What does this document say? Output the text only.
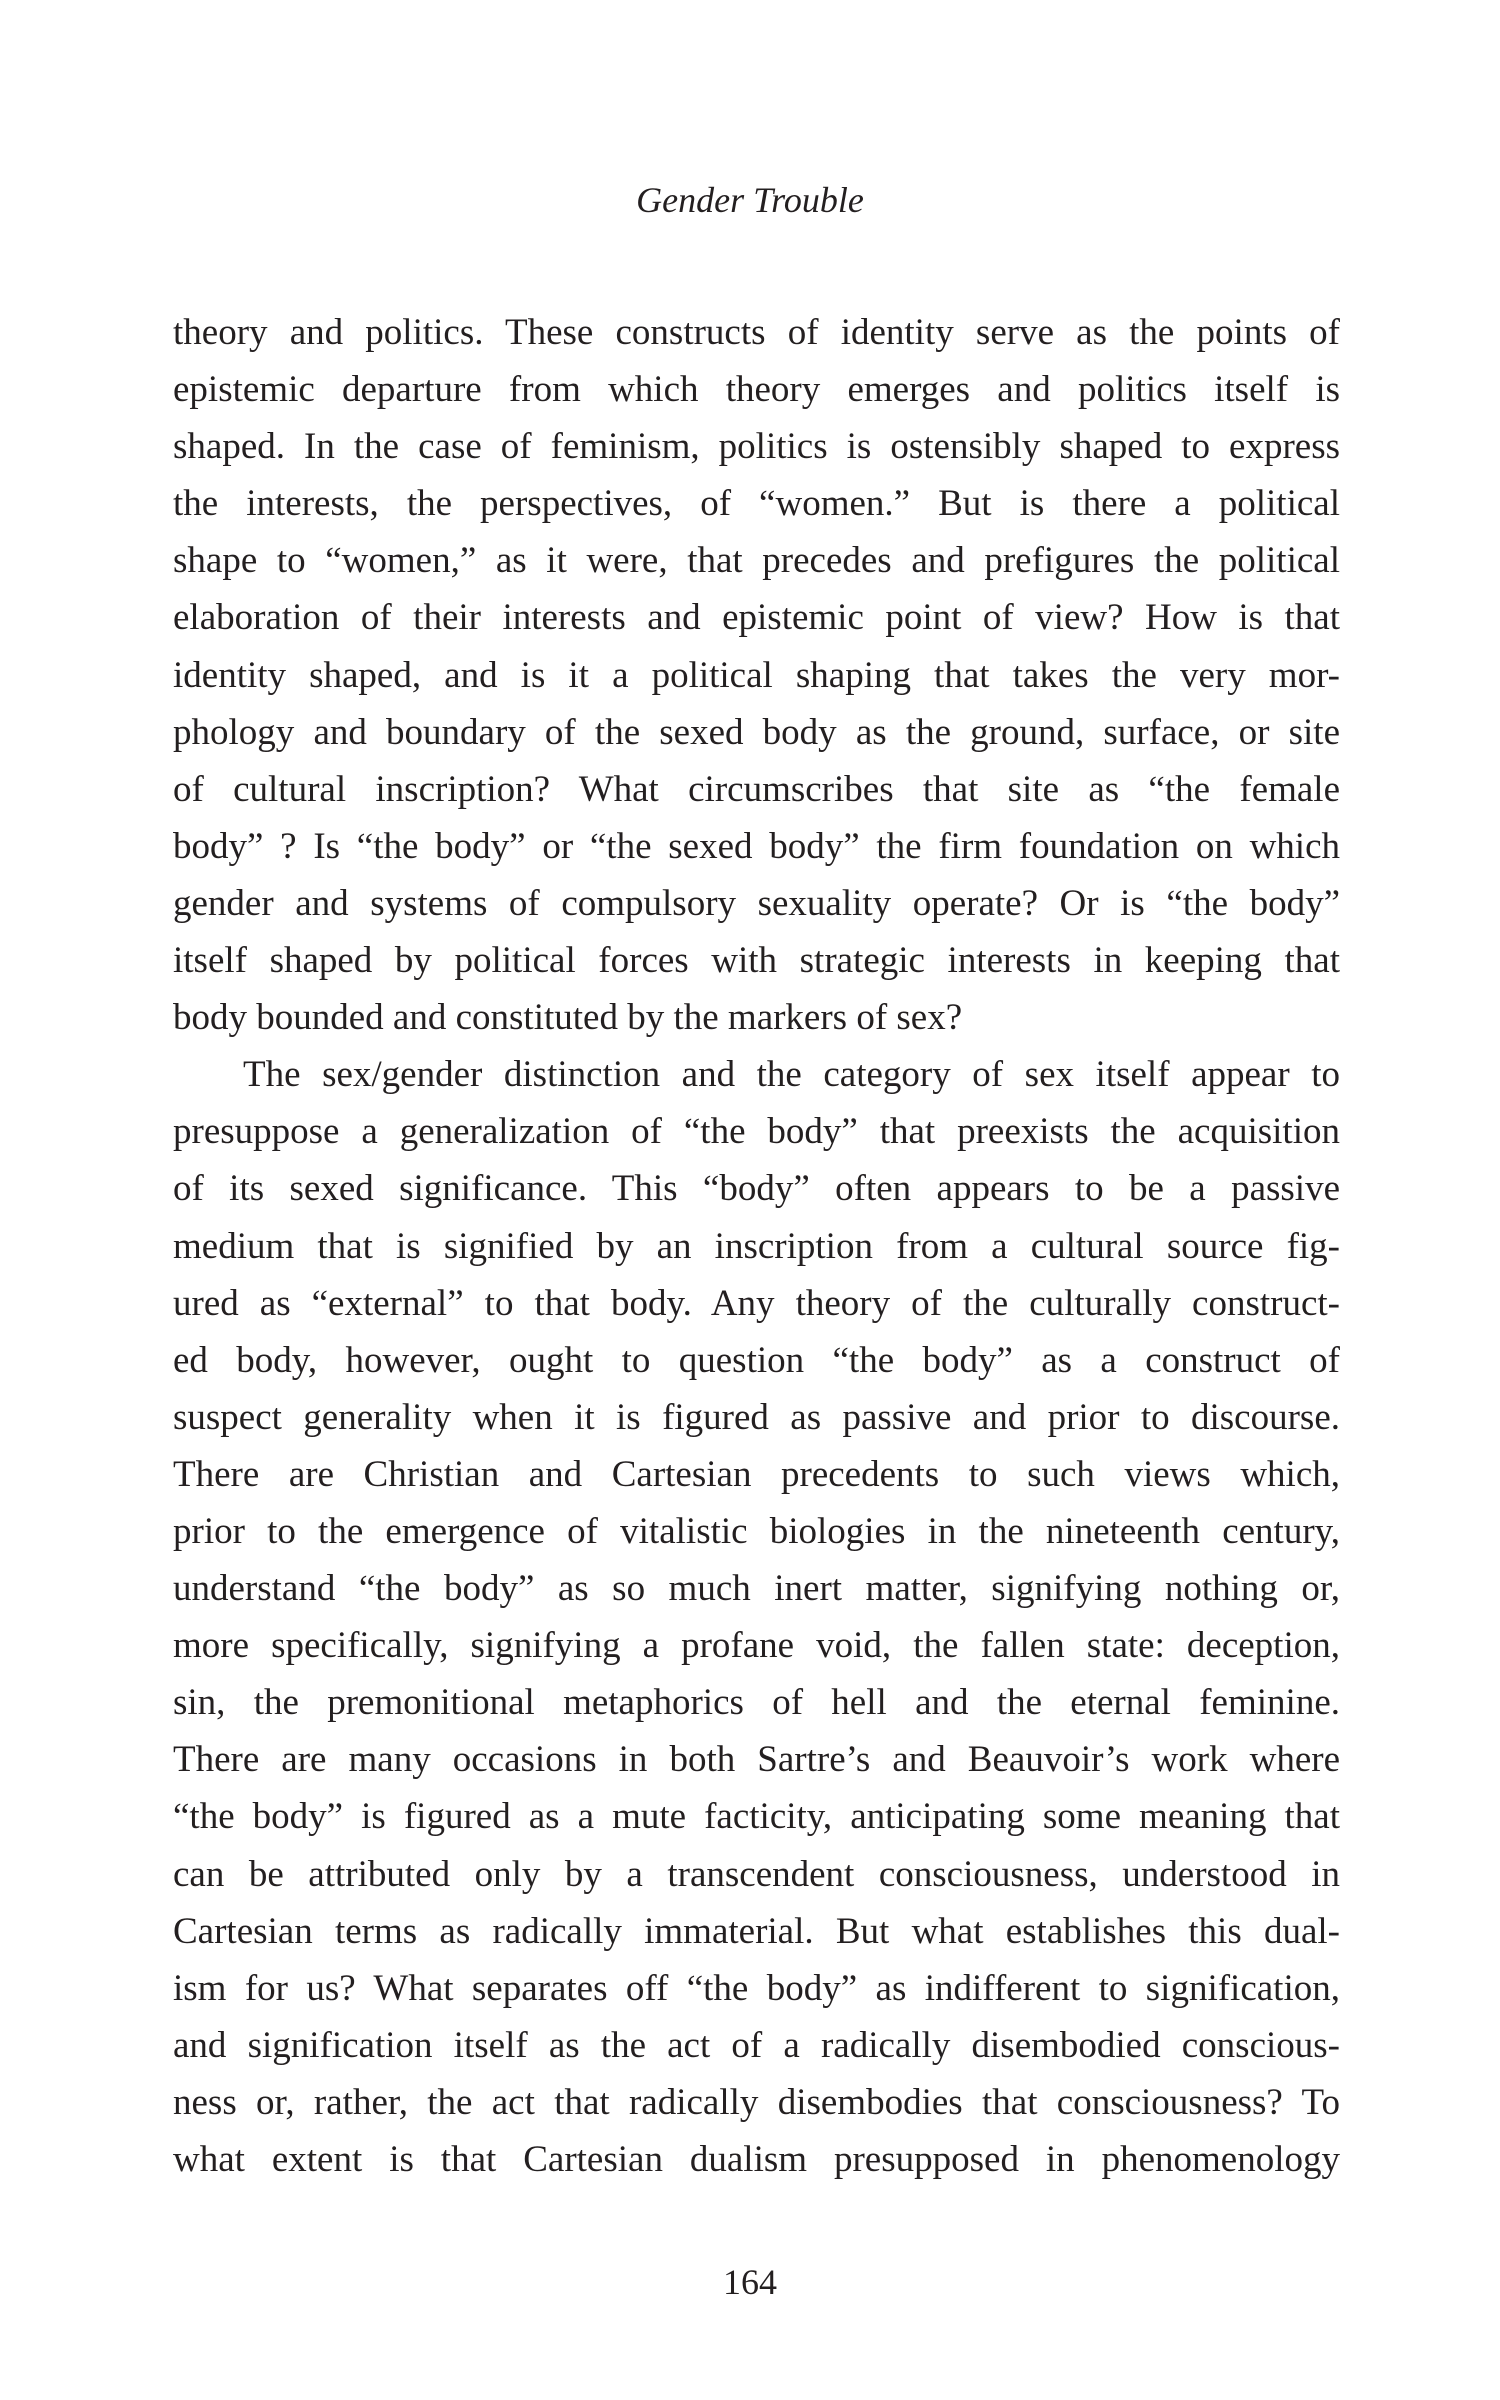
Gender Trouble
theory and politics. These constructs of identity serve as the points of
epistemic departure from which theory emerges and politics itself is
shaped. In the case of feminism, politics is ostensibly shaped to express
the interests, the perspectives, of “women.” But is there a political
shape to “women,” as it were, that precedes and prefigures the political
elaboration of their interests and epistemic point of view? How is that
identity shaped, and is it a political shaping that takes the very mor-
phology and boundary of the sexed body as the ground, surface, or site
of cultural inscription? What circumscribes that site as “the female
body” ? Is “the body” or “the sexed body” the firm foundation on which
gender and systems of compulsory sexuality operate? Or is “the body”
itself shaped by political forces with strategic interests in keeping that
body bounded and constituted by the markers of sex?
The sex/gender distinction and the category of sex itself appear to
presuppose a generalization of “the body” that preexists the acquisition
of its sexed significance. This “body” often appears to be a passive
medium that is signified by an inscription from a cultural source fig-
ured as “external” to that body. Any theory of the culturally construct-
ed body, however, ought to question “the body” as a construct of
suspect generality when it is figured as passive and prior to discourse.
There are Christian and Cartesian precedents to such views which,
prior to the emergence of vitalistic biologies in the nineteenth century,
understand “the body” as so much inert matter, signifying nothing or,
more specifically, signifying a profane void, the fallen state: deception,
sin, the premonitional metaphorics of hell and the eternal feminine.
There are many occasions in both Sartre’s and Beauvoir’s work where
“the body” is figured as a mute facticity, anticipating some meaning that
can be attributed only by a transcendent consciousness, understood in
Cartesian terms as radically immaterial. But what establishes this dual-
ism for us? What separates off “the body” as indifferent to signification,
and signification itself as the act of a radically disembodied conscious-
ness or, rather, the act that radically disembodies that consciousness? To
what extent is that Cartesian dualism presupposed in phenomenology
164
